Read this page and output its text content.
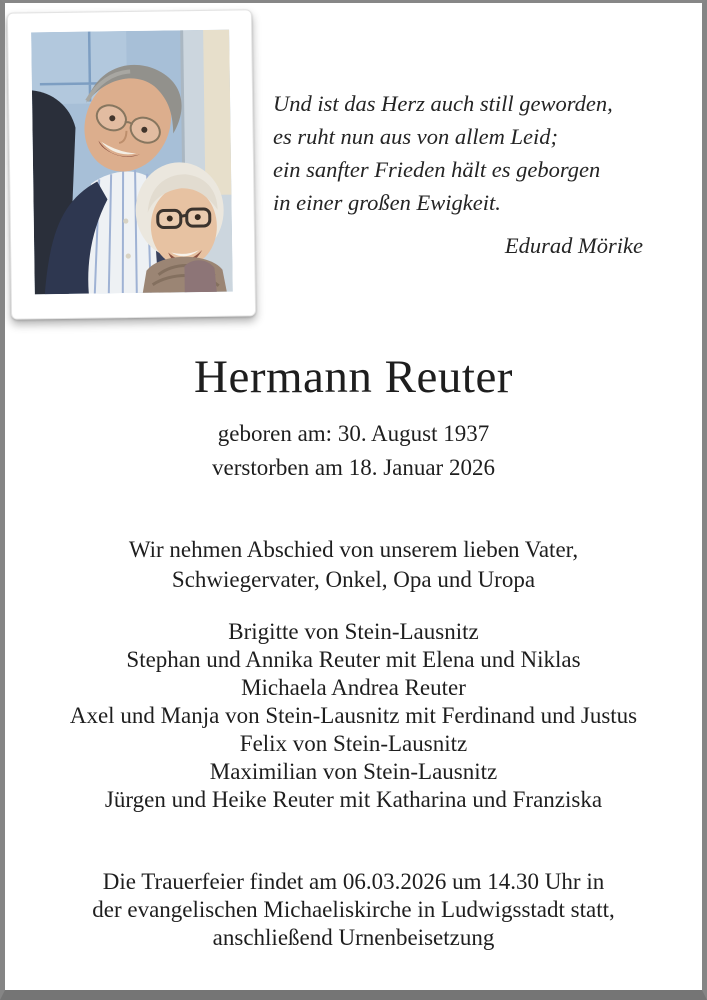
Und ist das Herz auch still geworden,
es ruht nun aus von allem Leid;
ein sanfter Frieden hält es geborgen
in einer großen Ewigkeit.
Edurad Mörike
Hermann Reuter
geboren am: 30. August 1937
verstorben am 18. Januar 2026
Wir nehmen Abschied von unserem lieben Vater,
Schwiegervater, Onkel, Opa und Uropa
Brigitte von Stein-Lausnitz
Stephan und Annika Reuter mit Elena und Niklas
Michaela Andrea Reuter
Axel und Manja von Stein-Lausnitz mit Ferdinand und Justus
Felix von Stein-Lausnitz
Maximilian von Stein-Lausnitz
Jürgen und Heike Reuter mit Katharina und Franziska
Die Trauerfeier findet am 06.03.2026 um 14.30 Uhr in
der evangelischen Michaeliskirche in Ludwigsstadt statt,
anschließend Urnenbeisetzung
